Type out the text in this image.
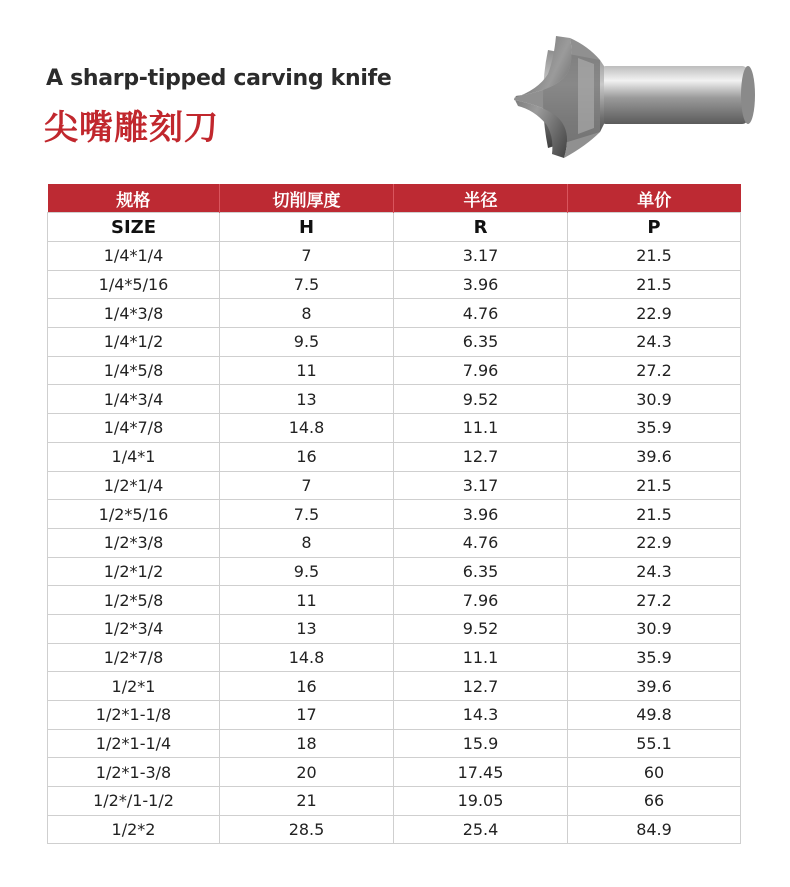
A sharp-tipped carving knife
尖嘴雕刻刀
规格	切削厚度	半径	单价
SIZE	H	R	P
1/4*1/4	7	3.17	21.5
1/4*5/16	7.5	3.96	21.5
1/4*3/8	8	4.76	22.9
1/4*1/2	9.5	6.35	24.3
1/4*5/8	11	7.96	27.2
1/4*3/4	13	9.52	30.9
1/4*7/8	14.8	11.1	35.9
1/4*1	16	12.7	39.6
1/2*1/4	7	3.17	21.5
1/2*5/16	7.5	3.96	21.5
1/2*3/8	8	4.76	22.9
1/2*1/2	9.5	6.35	24.3
1/2*5/8	11	7.96	27.2
1/2*3/4	13	9.52	30.9
1/2*7/8	14.8	11.1	35.9
1/2*1	16	12.7	39.6
1/2*1-1/8	17	14.3	49.8
1/2*1-1/4	18	15.9	55.1
1/2*1-3/8	20	17.45	60
1/2*/1-1/2	21	19.05	66
1/2*2	28.5	25.4	84.9
